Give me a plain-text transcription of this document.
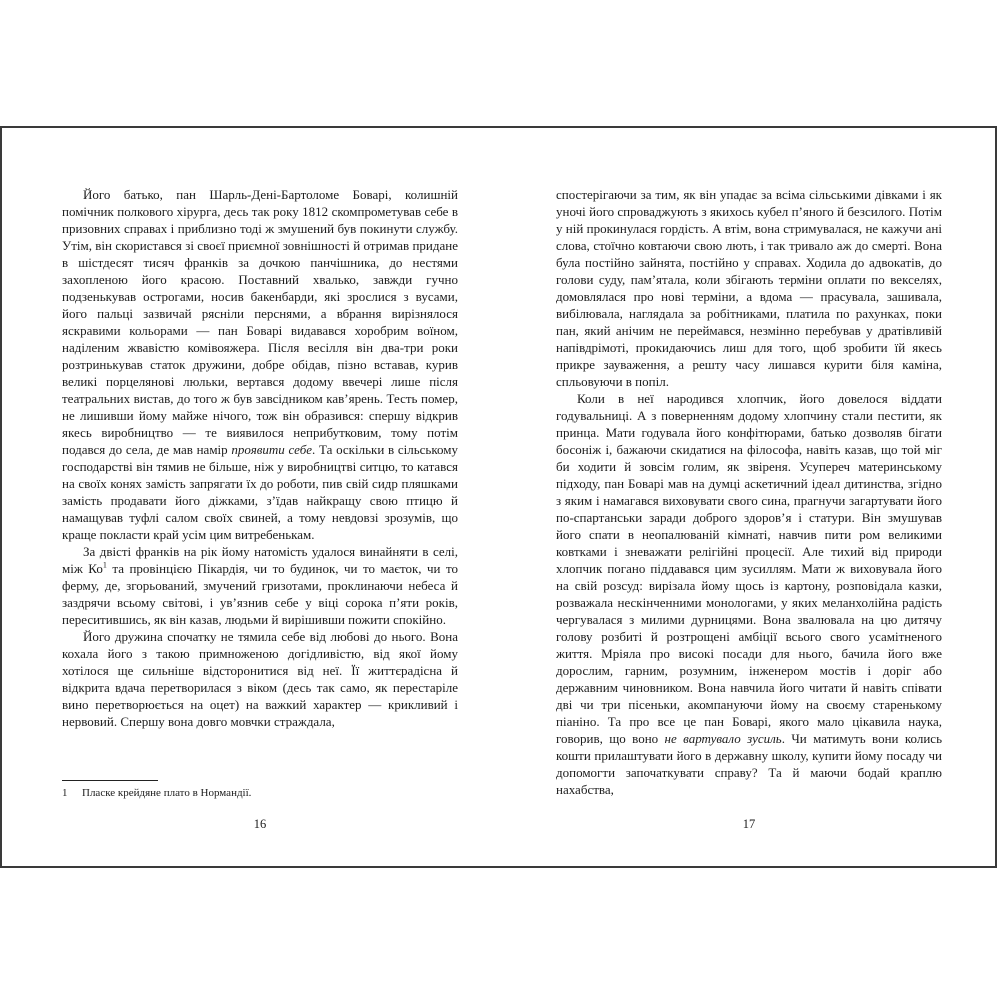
Його батько, пан Шарль-Дені-Бартоломе Боварі, колишній помічник полкового хірурга, десь так року 1812 скомпрометував себе в призовних справах і приблизно тоді ж змушений був покинути службу. Утім, він скористався зі своєї приємної зовнішності й отримав придане в шістдесят тисяч франків за дочкою панчішника, до нестями захопленою його красою. Поставний хвалько, завжди гучно подзенькував острогами, носив бакенбарди, які зрослися з вусами, його пальці зазвичай рясніли перснями, а вбрання вирізнялося яскравими кольорами — пан Боварі видавався хоробрим воїном, наділеним жвавістю комівояжера. Після весілля він два-три роки розтринькував статок дружини, добре обідав, пізно вставав, курив великі порцелянові люльки, вертався додому ввечері лише після театральних вистав, до того ж був завсідником кав’ярень. Тесть помер, не лишивши йому майже нічого, тож він образився: спершу відкрив якесь виробництво — те виявилося неприбутковим, тому потім подався до села, де мав намір проявити себе. Та оскільки в сільському господарстві він тямив не більше, ніж у виробництві ситцю, то катався на своїх конях замість запрягати їх до роботи, пив свій сидр пляшками замість продавати його діжками, з’їдав найкращу свою птицю й намащував туфлі салом своїх свиней, а тому невдовзі зрозумів, що краще покласти край усім цим витребенькам.

За двісті франків на рік йому натомість удалося винайняти в селі, між $Ко^1$ та провінцією Пікардія, чи то будинок, чи то маєток, чи то ферму, де, згорьований, змучений гризотами, проклинаючи небеса й заздрячи всьому світові, і ув’язнив себе у віці сорока п’яти років, переситившись, як він казав, людьми й вирішивши пожити спокійно.

Його дружина спочатку не тямила себе від любові до нього. Вона кохала його з такою примноженою догідливістю, від якої йому хотілося ще сильніше відсторонитися від неї. Її життєрадісна й відкрита вдача перетворилася з віком (десь так само, як перестаріле вино перетворюється на оцет) на важкий характер — крикливий і нервовий. Спершу вона довго мовчки страждала,

спостерігаючи за тим, як він упадає за всіма сільськими дівками і як уночі його спроваджують з якихось кубел п’яного й безсилого. Потім у ній прокинулася гордість. А втім, вона стримувалася, не кажучи ані слова, стоїчно ковтаючи свою лють, і так тривало аж до смерті. Вона була постійно зайнята, постійно у справах. Ходила до адвокатів, до голови суду, пам’ятала, коли збігають терміни оплати по векселях, домовлялася про нові терміни, а вдома — прасувала, зашивала, вибілювала, наглядала за робітниками, платила по рахунках, поки пан, який анічим не переймався, незмінно перебував у дратівливій напівдрімоті, прокидаючись лиш для того, щоб зробити їй якесь прикре зауваження, а решту часу лишався курити біля каміна, спльовуючи в попіл.

Коли в неї народився хлопчик, його довелося віддати годувальниці. А з поверненням додому хлопчину стали пестити, як принца. Мати годувала його конфітюрами, батько дозволяв бігати босоніж і, бажаючи скидатися на філософа, навіть казав, що той міг би ходити й зовсім голим, як звіреня. Усупереч материнському підходу, пан Боварі мав на думці аскетичний ідеал дитинства, згідно з яким і намагався виховувати свого сина, прагнучи загартувати його по-спартанськи заради доброго здоров’я і статури. Він змушував його спати в неопалюваній кімнаті, навчив пити ром великими ковтками і зневажати релігійні процесії. Але тихий від природи хлопчик погано піддавався цим зусиллям. Мати ж виховувала його на свій розсуд: вирізала йому щось із картону, розповідала казки, розважала нескінченними монологами, у яких меланхолійна радість чергувалася з милими дурницями. Вона звалювала на цю дитячу голову розбиті й розтрощені амбіції всього свого усамітненого життя. Мріяла про високі посади для нього, бачила його вже дорослим, гарним, розумним, інженером мостів і доріг або державним чиновником. Вона навчила його читати й навіть співати дві чи три пісеньки, акомпануючи йому на своєму старенькому піаніно. Та про все це пан Боварі, якого мало цікавила наука, говорив, що воно не вартувало зусиль. Чи матимуть вони колись кошти прилаштувати його в державну школу, купити йому посаду чи допомогти започаткувати справу? Та й маючи бодай краплю нахабства,

1 Пласке крейдяне плато в Нормандії.
16	17
